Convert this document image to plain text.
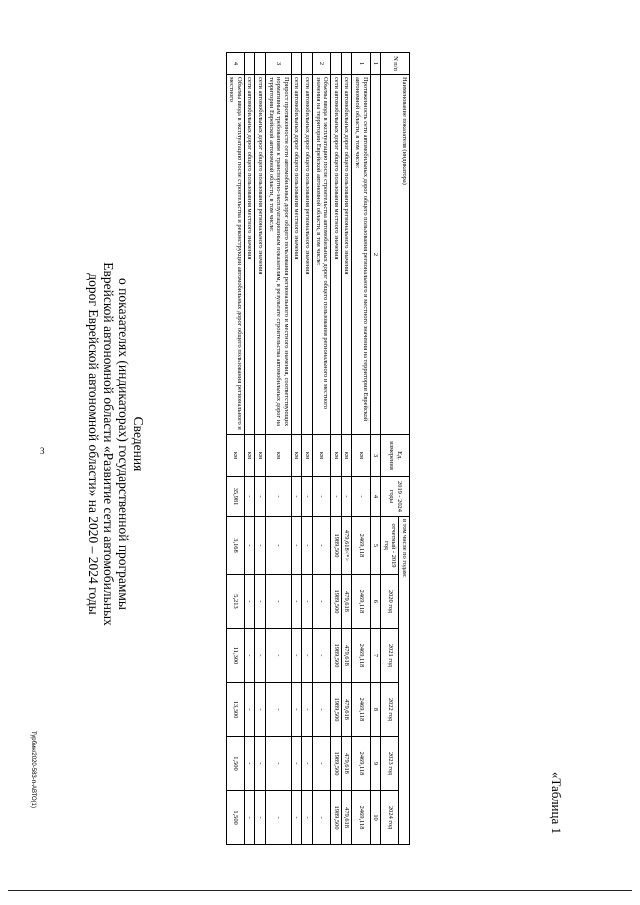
3
«Таблица 1
Сведения
о показателях (индикаторах) государственной программы
Еврейской автономной области «Развитие сети автомобильных
дорог Еврейской автономной области» на 2020 – 2024 годы
N п/п	Наименование показателя (индикатора)	Ед. измерения	2019 - 2024 годы	в том числе по годам:					
				отчетный - 2019 год	2020 год	2021 год	2022 год	2023 год	2024 год
1	2	3	4	5	6	7	8	9	10
1	Протяженность сети автомобильных дорог общего пользования регионального и местного значения на территории Еврейской автономной области, в том числе:	км	-	2469,118	2469,118	2469,118	2469,118	2469,118	2469,118
	сети автомобильных дорог общего пользования регионального значения	км	-	479,618<*>	479,618	479,618	479,618	479,618	479,618
	сети автомобильных дорог общего пользования местного значения	км	-	1989,500	1989,500	1989,500	1989,500	1989,500	1989,500
2	Объемы ввода в эксплуатацию после строительства автомобильных дорог общего пользования регионального и местного значения на территории Еврейской автономной области, в том числе:	км	-	-	-	-	-	-	-
	сети автомобильных дорог общего пользования регионального значения	км	-	-	-	-	-	-	-
	сети автомобильных дорог общего пользования местного значения	км	-	-	-	-	-	-	-
3	Прирост протяженности сети автомобильных дорог общего пользования регионального и местного значения, соответствующих нормативным требованиям к транспортно-эксплуатационным показателям, в результате строительства автомобильных дорог на территории Еврейской автономной области, в том числе:	км	-	-	-	-	-	-	-
	сети автомобильных дорог общего пользования регионального значения	км	-	-	-	-	-	-	-
	сети автомобильных дорог общего пользования местного значения	км	-	-	-	-	-	-	-
4	Объемы ввода в эксплуатацию после строительства и реконструкции автомобильных дорог общего пользования регионального и местного	км	35,981	3,168	5,213	11,300	13,300	1,500	1,500
Турбин/2020-583-п-АВТО(1)
